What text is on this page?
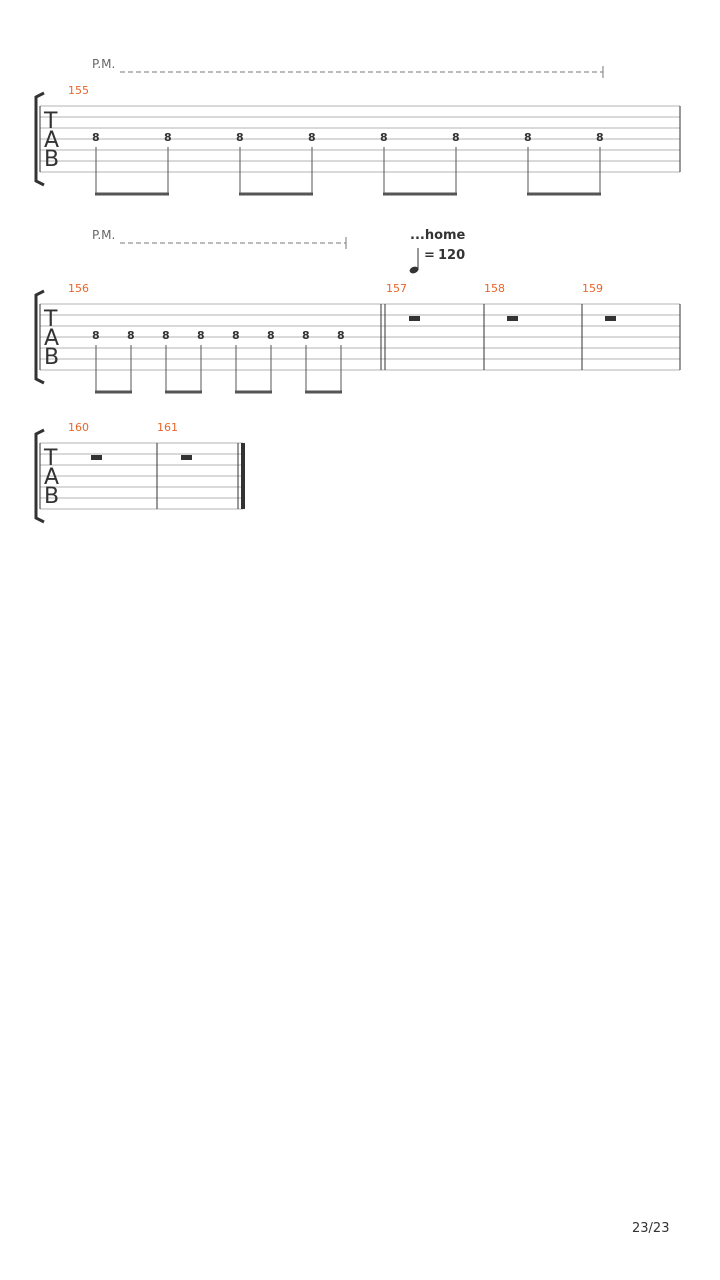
P.M.
T
A
B
155
8	8	8	8	8	8	8	8
P.M.	...home
= 120
T
A
B
156	157	158	159
8 8 8 8 8 8 8 8
T
A
B
160	161
23/23
